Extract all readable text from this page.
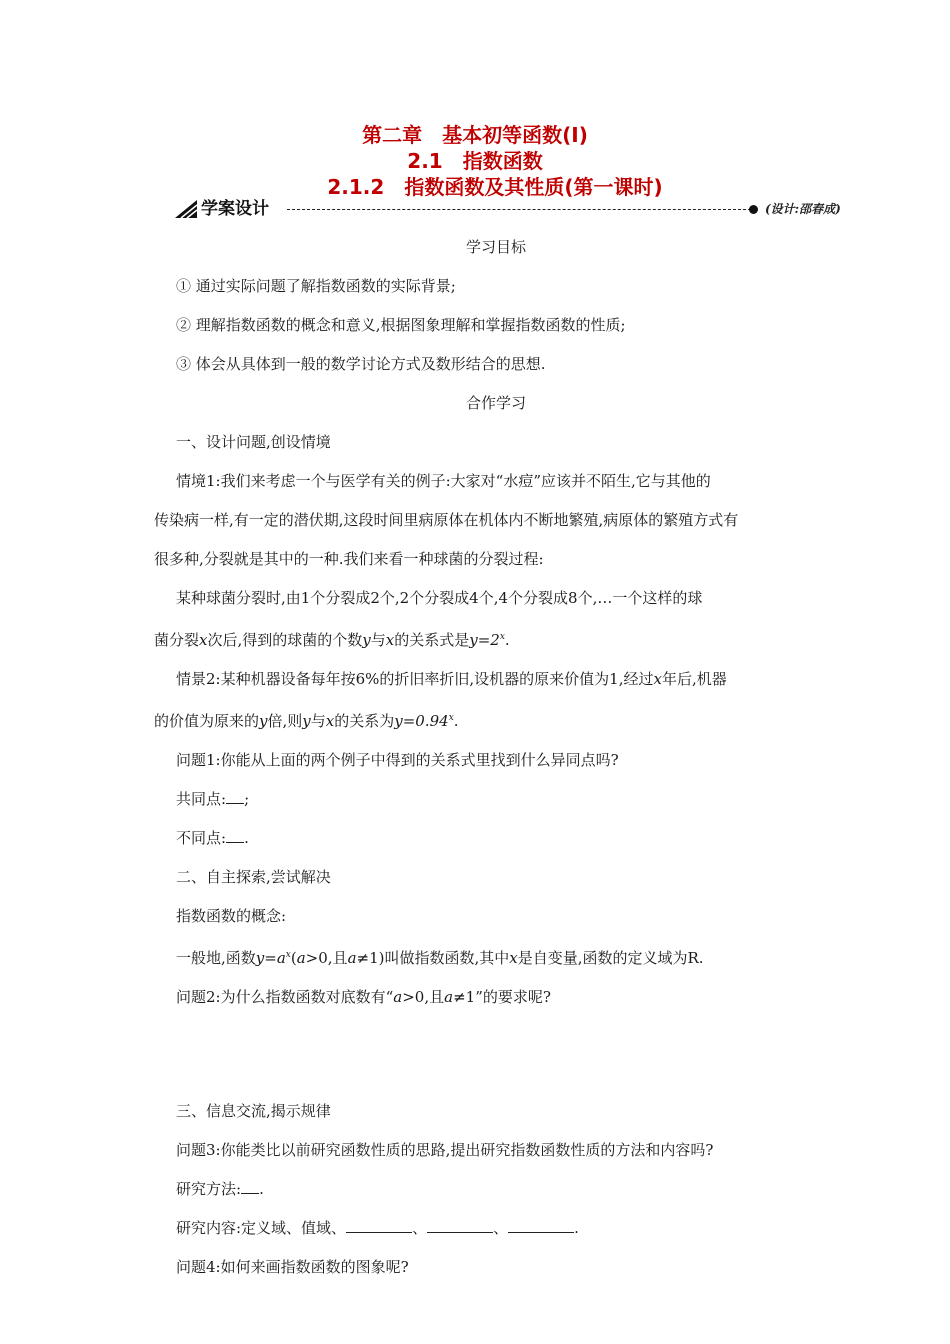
第二章　基本初等函数(Ⅰ)
2.1　指数函数
2.1.2　指数函数及其性质(第一课时)
学案设计	(设计:邵春成)
学习目标
① 通过实际问题了解指数函数的实际背景;
② 理解指数函数的概念和意义,根据图象理解和掌握指数函数的性质;
③ 体会从具体到一般的数学讨论方式及数形结合的思想.
合作学习
一、设计问题,创设情境
情境1:我们来考虑一个与医学有关的例子:大家对“水痘”应该并不陌生,它与其他的
传染病一样,有一定的潜伏期,这段时间里病原体在机体内不断地繁殖,病原体的繁殖方式有
很多种,分裂就是其中的一种.我们来看一种球菌的分裂过程:
某种球菌分裂时,由1个分裂成2个,2个分裂成4个,4个分裂成8个,…一个这样的球
菌分裂x次后,得到的球菌的个数y与x的关系式是$y=2^x$.
情景2:某种机器设备每年按6%的折旧率折旧,设机器的原来价值为1,经过x年后,机器
的价值为原来的y倍,则y与x的关系为$y=0.94^x$.
问题1:你能从上面的两个例子中得到的关系式里找到什么异同点吗?
共同点: ;
不同点: .
二、自主探索,尝试解决
指数函数的概念:
一般地,函数$y=a^x(a>0$,且a≠1)叫做指数函数,其中x是自变量,函数的定义域为R.
问题2:为什么指数函数对底数有“a>0,且a≠1”的要求呢?
三、信息交流,揭示规律
问题3:你能类比以前研究函数性质的思路,提出研究指数函数性质的方法和内容吗?
研究方法: .
研究内容:定义域、值域、	、	、	.
问题4:如何来画指数函数的图象呢?
